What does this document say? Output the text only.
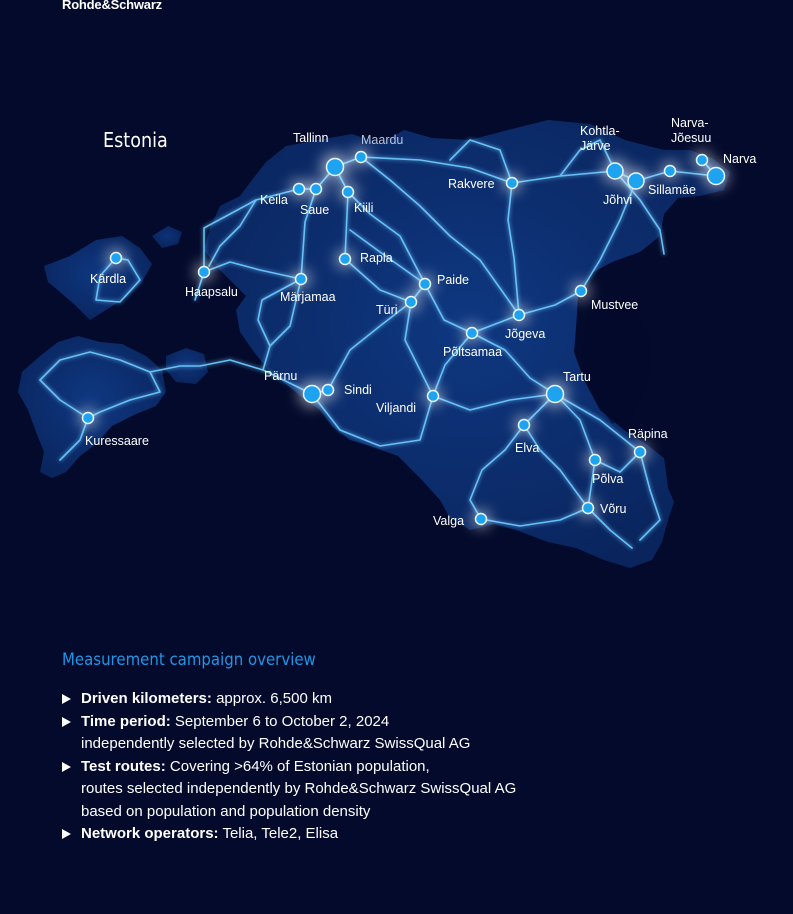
Rohde&Schwarz
Estonia	Tallinn	Maardu
Keila
Saue Kiili
Kohtla-
Järve
Narva-
Jõesuu
Narva
Sillamäe
Jõhvi
Rakvere
Kärdla
Haapsalu
Rapla
Märjamaa
Paide
Türi	Mustvee
Jõgeva
Põltsamaa
Pärnu
Sindi
Viljandi
Tartu
Kuressaare	Elva
Räpina
Põlva
Võru
Valga
Measurement campaign overview
Driven kilometers: approx. 6,500 km
Time period: September 6 to October 2, 2024
independently selected by Rohde&Schwarz SwissQual AG
Test routes: Covering >64% of Estonian population,
routes selected independently by Rohde&Schwarz SwissQual AG
based on population and population density
Network operators: Telia, Tele2, Elisa
